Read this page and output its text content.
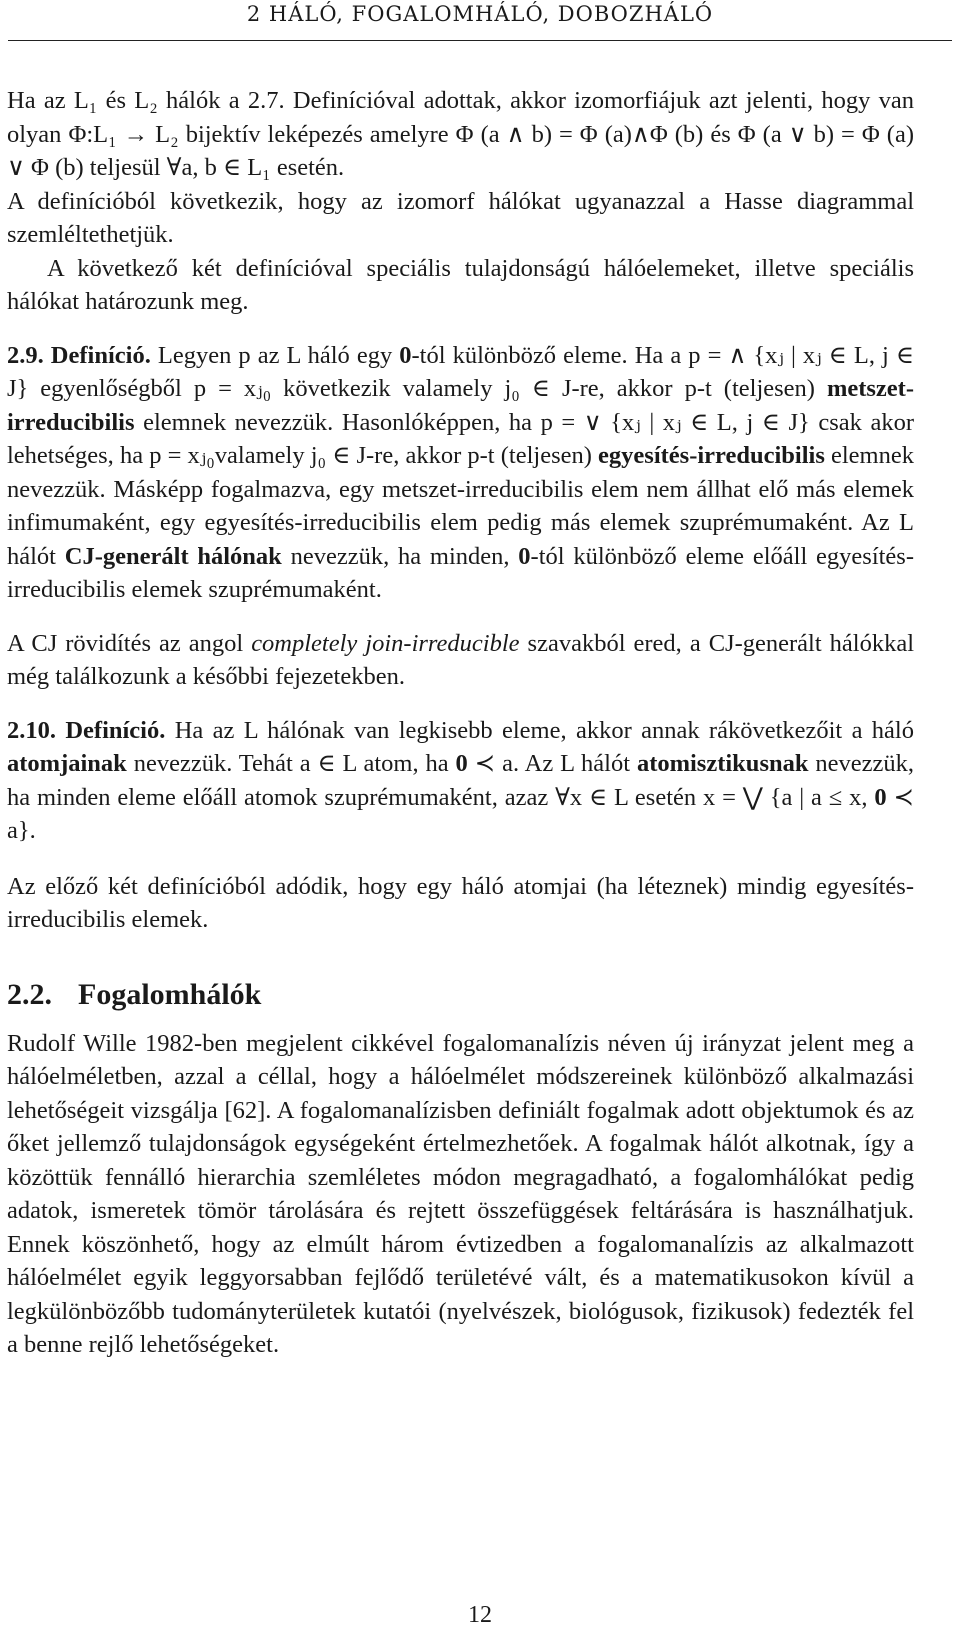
2 HÁLÓ, FOGALOMHÁLÓ, DOBOZHÁLÓ

Ha az L₁ és L₂ hálók a 2.7. Definícióval adottak, akkor izomorfiájuk azt jelenti, hogy van olyan Φ:L₁ → L₂ bijektív leképezés amelyre Φ (a ∧ b) = Φ (a)∧Φ (b) és Φ (a ∨ b) = Φ (a) ∨ Φ (b) teljesül ∀a, b ∈ L₁ esetén.

A definícióból következik, hogy az izomorf hálókat ugyanazzal a Hasse diagrammal szemléltethetjük.

A következő két definícióval speciális tulajdonságú hálóelemeket, illetve speciális hálókat határozunk meg.

2.9. Definíció. Legyen p az L háló egy 0-tól különböző eleme. Ha a p = ∧ {xⱼ | xⱼ ∈ L, j ∈ J} egyenlőségből p = xⱼ₀ következik valamely j₀ ∈ J-re, akkor p-t (teljesen) metszet-irreducibilis elemnek nevezzük. Hasonlóképpen, ha p = ∨ {xⱼ | xⱼ ∈ L, j ∈ J} csak akor lehetséges, ha p = xⱼ₀valamely j₀ ∈ J-re, akkor p-t (teljesen) egyesítés-irreducibilis elemnek nevezzük. Másképp fogalmazva, egy metszet-irreducibilis elem nem állhat elő más elemek infimumaként, egy egyesítés-irreducibilis elem pedig más elemek szuprémumaként. Az L hálót CJ-generált hálónak nevezzük, ha minden, 0-tól különböző eleme előáll egyesítés-irreducibilis elemek szuprémumaként.

A CJ rövidítés az angol completely join-irreducible szavakból ered, a CJ-generált hálókkal még találkozunk a későbbi fejezetekben.

2.10. Definíció. Ha az L hálónak van legkisebb eleme, akkor annak rákövetkezőit a háló atomjainak nevezzük. Tehát a ∈ L atom, ha 0 ≺ a. Az L hálót atomisztikusnak nevezzük, ha minden eleme előáll atomok szuprémumaként, azaz ∀x ∈ L esetén x = ⋁ {a | a ≤ x, 0 ≺ a}.

Az előző két definícióból adódik, hogy egy háló atomjai (ha léteznek) mindig egyesítés-irreducibilis elemek.

2.2. Fogalomhálók

Rudolf Wille 1982-ben megjelent cikkével fogalomanalízis néven új irányzat jelent meg a hálóelméletben, azzal a céllal, hogy a hálóelmélet módszereinek különböző alkalmazási lehetőségeit vizsgálja [62]. A fogalomanalízisben definiált fogalmak adott objektumok és az őket jellemző tulajdonságok egységeként értelmezhetőek. A fogalmak hálót alkotnak, így a közöttük fennálló hierarchia szemléletes módon megragadható, a fogalomhálókat pedig adatok, ismeretek tömör tárolására és rejtett összefüggések feltárására is használhatjuk. Ennek köszönhető, hogy az elmúlt három évtizedben a fogalomanalízis az alkalmazott hálóelmélet egyik leggyorsabban fejlődő területévé vált, és a matematikusokon kívül a legkülönbözőbb tudományterületek kutatói (nyelvészek, biológusok, fizikusok) fedezték fel a benne rejlő lehetőségeket.

12
